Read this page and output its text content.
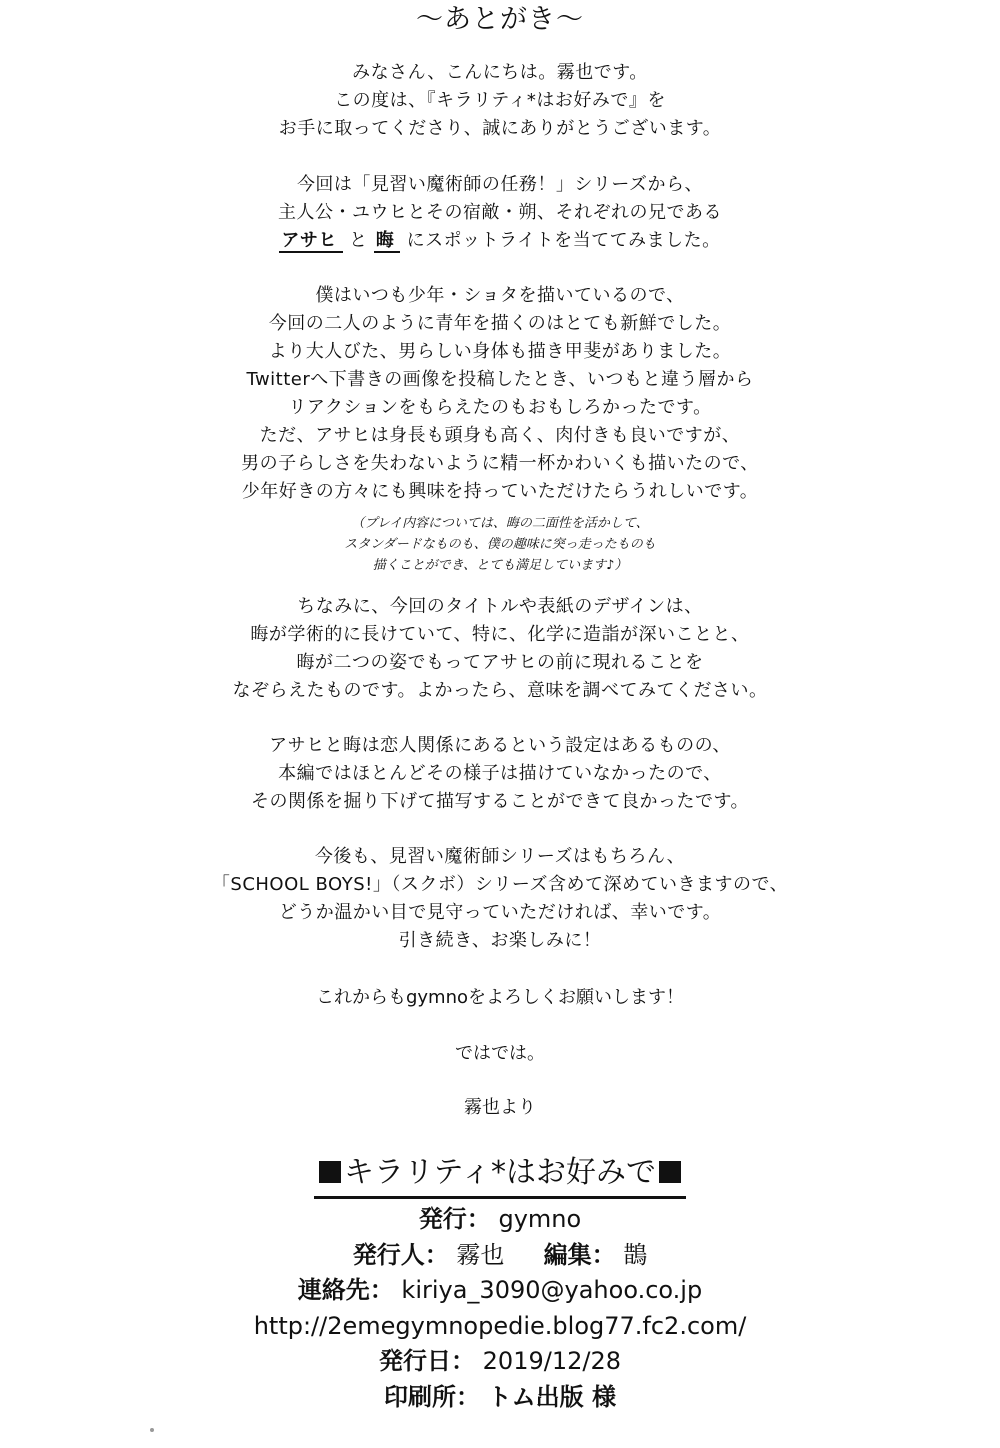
～あとがき～
みなさん、こんにちは。霧也です。
この度は、『キラリティ*はお好みで』を
お手に取ってくださり、誠にありがとうございます。
今回は「見習い魔術師の任務！」シリーズから、
主人公・ユウヒとその宿敵・朔、それぞれの兄である
アサヒ と 晦 にスポットライトを当ててみました。
僕はいつも少年・ショタを描いているので、
今回の二人のように青年を描くのはとても新鮮でした。
より大人びた、男らしい身体も描き甲斐がありました。
Twitterへ下書きの画像を投稿したとき、いつもと違う層から
リアクションをもらえたのもおもしろかったです。
ただ、アサヒは身長も頭身も高く、肉付きも良いですが、
男の子らしさを失わないように精一杯かわいくも描いたので、
少年好きの方々にも興味を持っていただけたらうれしいです。
（プレイ内容については、晦の二面性を活かして、
スタンダードなものも、僕の趣味に突っ走ったものも
描くことができ、とても満足しています♪）
ちなみに、今回のタイトルや表紙のデザインは、
晦が学術的に長けていて、特に、化学に造詣が深いことと、
晦が二つの姿でもってアサヒの前に現れることを
なぞらえたものです。よかったら、意味を調べてみてください。
アサヒと晦は恋人関係にあるという設定はあるものの、
本編ではほとんどその様子は描けていなかったので、
その関係を掘り下げて描写することができて良かったです。
今後も、見習い魔術師シリーズはもちろん、
「SCHOOL BOYS!」（スクボ）シリーズ含めて深めていきますので、
どうか温かい目で見守っていただければ、幸いです。
引き続き、お楽しみに！
これからもgymnoをよろしくお願いします！
ではでは。
霧也より
キラリティ*はお好みで
発行： gymno
発行人： 霧也 編集： 鵲
連絡先： kiriya_3090@yahoo.co.jp
http://2emegymnopedie.blog77.fc2.com/
発行日： 2019/12/28
印刷所： トム出版 様
